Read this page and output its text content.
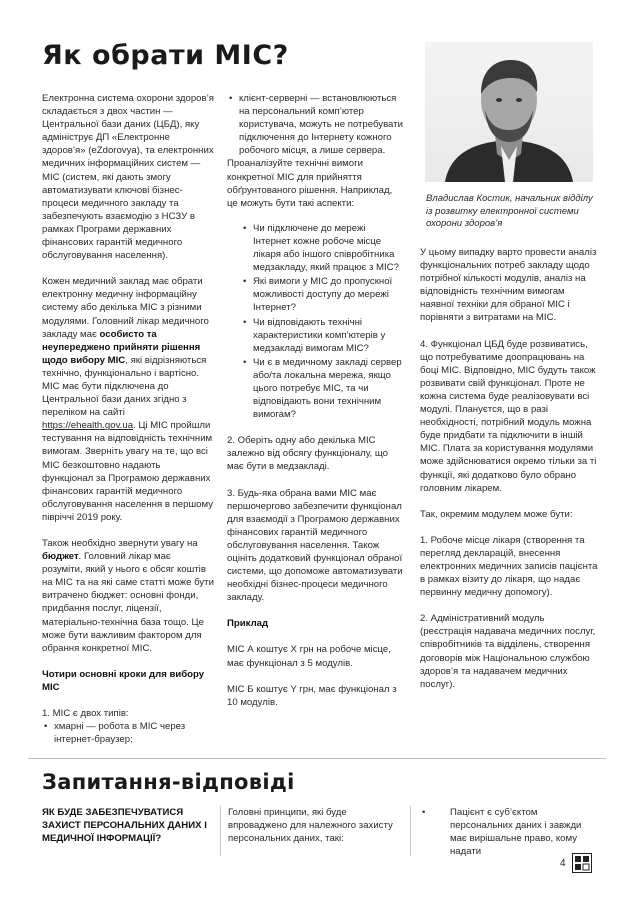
Як обрати МІС?

Електронна система охорони здоров’я складається з двох частин — Центральної бази даних (ЦБД), яку адмініструє ДП «Електронне здоров’я» (eZdorovya), та електронних медичних інформаційних систем — МІС (систем, які дають змогу автоматизувати ключові бізнес-процеси медичного закладу та забезпечують взаємодію з НСЗУ в рамках Програми державних фінансових гарантій медичного обслуговування населення).

Кожен медичний заклад має обрати електронну медичну інформаційну систему або декілька МІС з різними модулями. Головний лікар медичного закладу має особисто та неупереджено прийняти рішення щодо вибору МІС, які відрізняються технічно, функціонально і вартісно. МІС має бути підключена до Центральної бази даних згідно з переліком на сайті https://ehealth.gov.ua. Ці МІС пройшли тестування на відповідність технічним вимогам. Зверніть увагу на те, що всі МІС безкоштовно надають функціонал за Програмою державних фінансових гарантій медичного обслуговування населення в першому півріччі 2019 року.

Також необхідно звернути увагу на бюджет. Головний лікар має розуміти, який у нього є обсяг коштів на МІС та на які саме статті може бути витрачено бюджет: основні фонди, придбання послуг, ліцензії, матеріально-технічна база тощо. Це може бути важливим фактором для обрання конкретної МІС.

Чотири основні кроки для вибору МІС

1. МІС є двох типів:
• хмарні — робота в МІС через інтернет-браузер;
• клієнт-серверні — встановлюються на персональний комп’ютер користувача, можуть не потребувати підключення до Інтернету кожного робочого місця, а лише сервера.

Проаналізуйте технічні вимоги конкретної МІС для прийняття обґрунтованого рішення. Наприклад, це можуть бути такі аспекти:

• Чи підключене до мережі Інтернет кожне робоче місце лікаря або іншого співробітника медзакладу, який працює з МІС?
• Які вимоги у МІС до пропускної можливості доступу до мережі Інтернет?
• Чи відповідають технічні характеристики комп’ютерів у медзакладі вимогам МІС?
• Чи є в медичному закладі сервер або/та локальна мережа, якщо цього потребує МІС, та чи відповідають вони технічним вимогам?

2. Оберіть одну або декілька МІС залежно від обсягу функціоналу, що має бути в медзакладі.

3. Будь-яка обрана вами МІС має першочергово забезпечити функціонал для взаємодії з Програмою державних фінансових гарантій медичного обслуговування населення. Також оцініть додатковий функціонал обраної системи, що допоможе автоматизувати необхідні бізнес-процеси медичного закладу.

Приклад

МІС А коштує Х грн на робоче місце, має функціонал з 5 модулів.

МІС Б коштує Y грн, має функціонал з 10 модулів.

Владислав Костик, начальник відділу із розвитку електронної системи охорони здоров’я

У цьому випадку варто провести аналіз функціональних потреб закладу щодо потрібної кількості модулів, аналіз на відповідність технічним вимогам наявної техніки для обраної МІС і порівняти з витратами на МІС.

4. Функціонал ЦБД буде розвиватись, що потребуватиме доопрацювань на боці МІС. Відповідно, МІС будуть також розвивати свій функціонал. Проте не кожна система буде реалізовувати всі модулі. Плануєтся, що в разі необхідності, потрібний модуль можна буде придбати та підключити в іншій МІС. Плата за користування модулями може здійснюватися окремо тільки за ті функції, які додатково було обрано головним лікарем.

Так, окремим модулем може бути:

1. Робоче місце лікаря (створення та перегляд декларацій, внесення електронних медичних записів пацієнта в рамках візиту до лікаря, що надає первинну медичну допомогу).

2. Адміністративний модуль (реєстрація надавача медичних послуг, співробітників та відділень, створення договорів між Національною службою здоров’я та надавачем медичних послуг).

Запитання-відповіді
ЯК БУДЕ ЗАБЕЗПЕЧУВАТИСЯ ЗАХИСТ ПЕРСОНАЛЬНИХ ДАНИХ І МЕДИЧНОЇ ІНФОРМАЦІЇ?
Головні принципи, які буде впроваджено для належного захисту персональних даних, такі:
• Пацієнт є суб’єктом персональних даних і завжди має вирішальне право, кому надати
4
